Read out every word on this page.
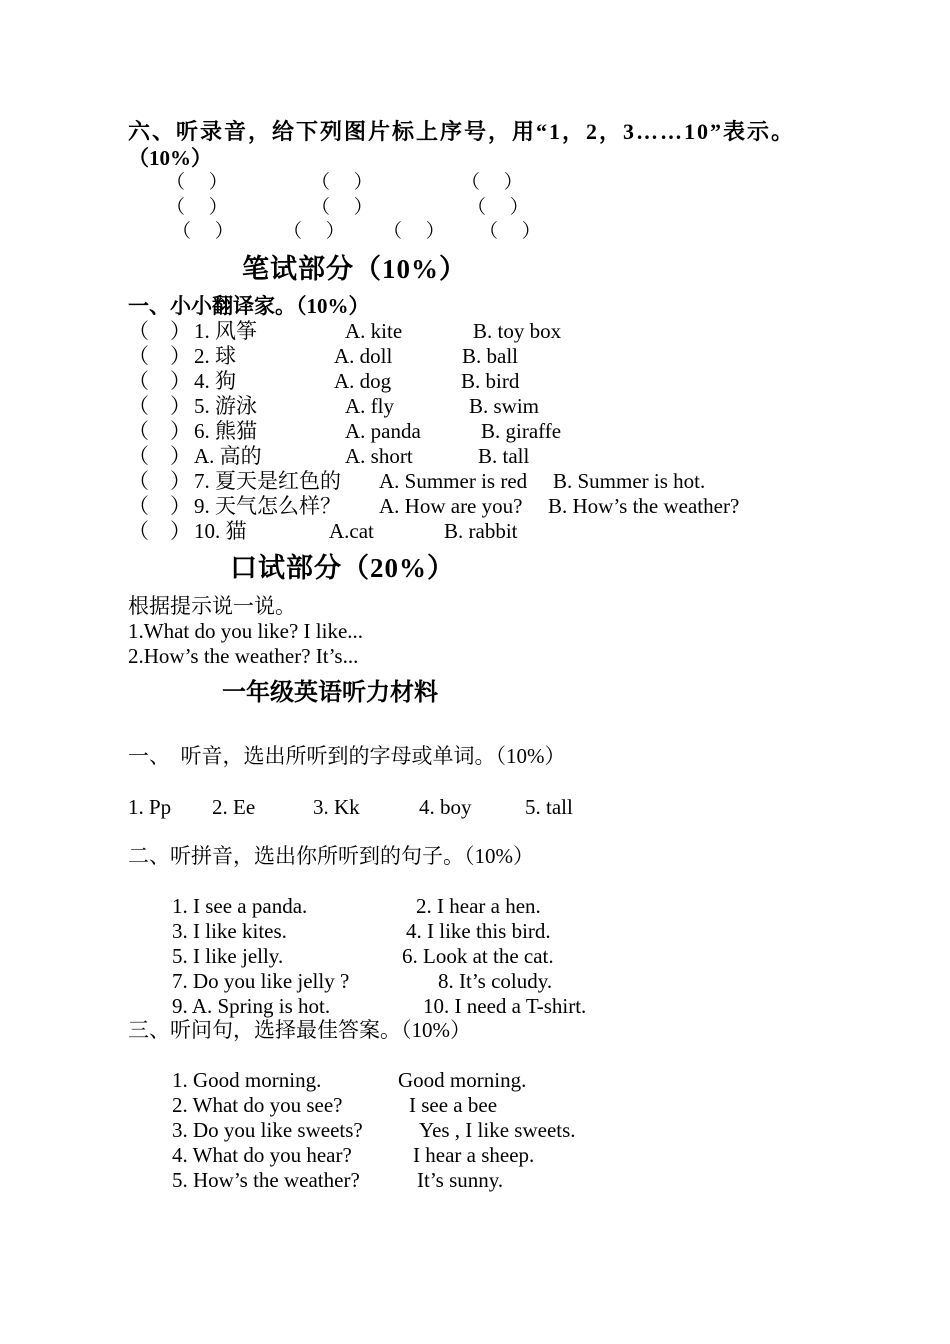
六、听录音，给下列图片标上序号，用“1，2，3……10”表示。
（10%）
（　 ）	（　 ）	（　 ）
（　 ）	（　 ）	（　 ）
（　 ）	（　 ） （　 ） （　 ）
笔试部分（10%）
一、小小翻译家。（10%）
（　） 1. 风筝	A. kite	B. toy box
（　） 2. 球	A. doll	B. ball
（　） 4. 狗	A. dog	B. bird
（　） 5. 游泳	A. fly	B. swim
（　） 6. 熊猫	A. panda	B. giraffe
（　） A. 高的	A. short	B. tall
（　） 7. 夏天是红色的 A. Summer is red B. Summer is hot.
（　） 9. 天气怎么样？ A. How are you? B. How’s the weather?
（　） 10. 猫	A.cat	B. rabbit
口试部分（20%）
根据提示说一说。
1.What do you like? I like...
2.How’s the weather? It’s...
一年级英语听力材料
一、　听音，选出所听到的字母或单词。（10%）
1. Pp 2. Ee	3. Kk	4. boy	5. tall
二、听拼音，选出你所听到的句子。（10%）
1. I see a panda.	2. I hear a hen.
3. I like kites.	4. I like this bird.
5. I like jelly.	6. Look at the cat.
7. Do you like jelly ?	8. It’s coludy.
9. A. Spring is hot.	10. I need a T-shirt.
三、听问句，选择最佳答案。（10%）
1. Good morning.	Good morning.
2. What do you see?	I see a bee
3. Do you like sweets?	Yes , I like sweets.
4. What do you hear?	I hear a sheep.
5. How’s the weather?	It’s sunny.
